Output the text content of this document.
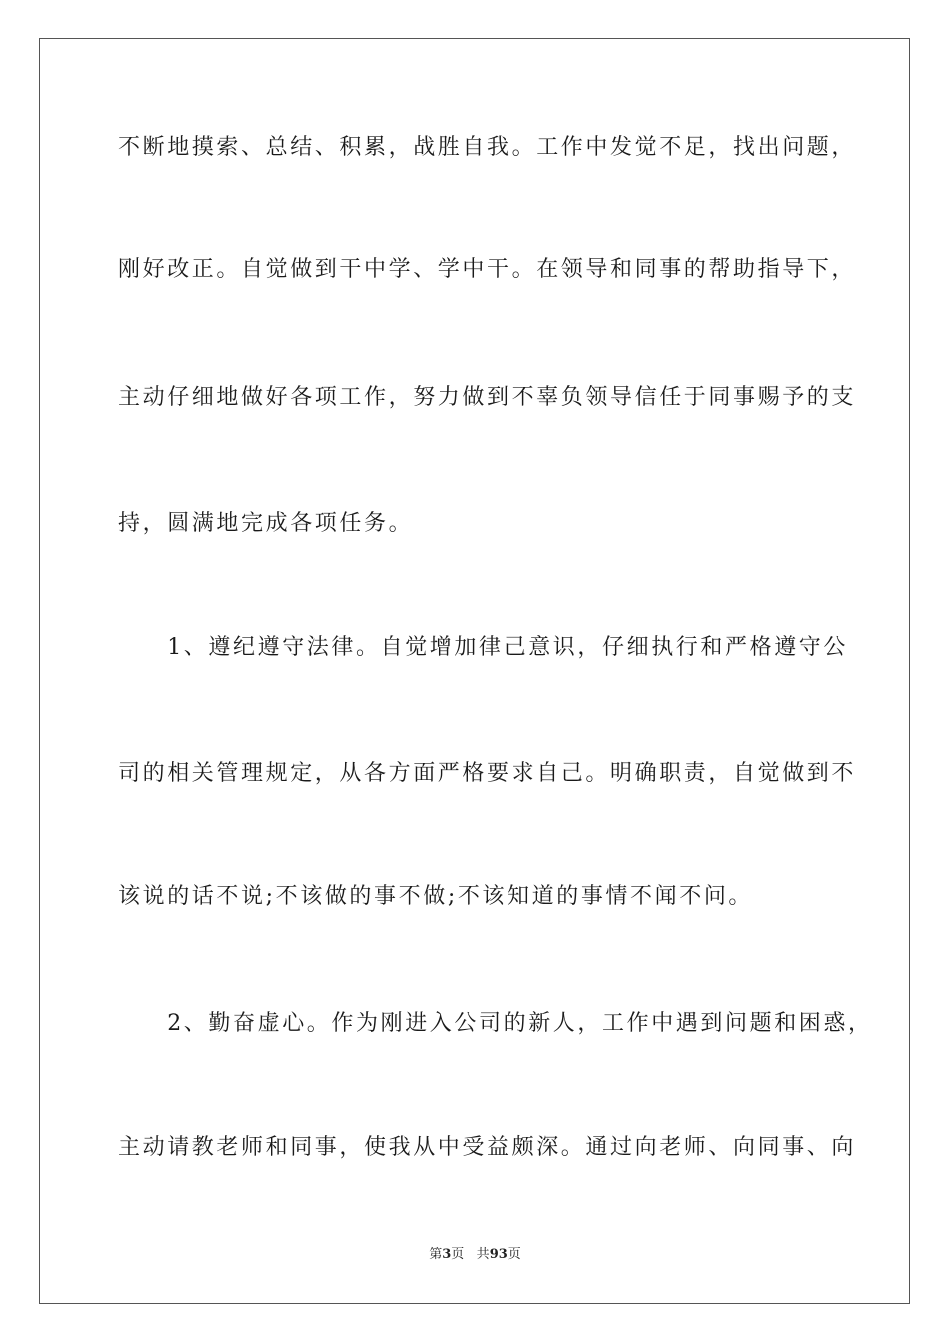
不断地摸索、总结、积累，战胜自我。工作中发觉不足，找出问题，
刚好改正。自觉做到干中学、学中干。在领导和同事的帮助指导下，
主动仔细地做好各项工作，努力做到不辜负领导信任于同事赐予的支
持，圆满地完成各项任务。
　　1、遵纪遵守法律。自觉增加律己意识，仔细执行和严格遵守公
司的相关管理规定，从各方面严格要求自己。明确职责，自觉做到不
该说的话不说;不该做的事不做;不该知道的事情不闻不问。
　　2、勤奋虚心。作为刚进入公司的新人，工作中遇到问题和困惑，
主动请教老师和同事，使我从中受益颇深。通过向老师、向同事、向
第3页 共93页
